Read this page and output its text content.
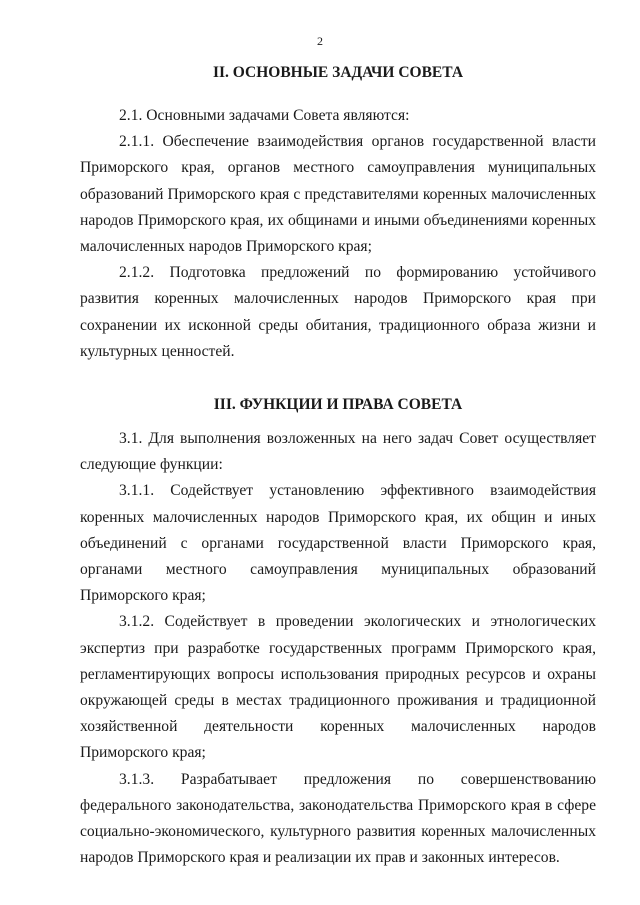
2
II. ОСНОВНЫЕ ЗАДАЧИ СОВЕТА

2.1. Основными задачами Совета являются:

2.1.1. Обеспечение взаимодействия органов государственной власти Приморского края, органов местного самоуправления муниципальных образований Приморского края с представителями коренных малочисленных народов Приморского края, их общинами и иными объединениями коренных малочисленных народов Приморского края;

2.1.2. Подготовка предложений по формированию устойчивого развития коренных малочисленных народов Приморского края при сохранении их исконной среды обитания, традиционного образа жизни и культурных ценностей.

III. ФУНКЦИИ И ПРАВА СОВЕТА

3.1. Для выполнения возложенных на него задач Совет осуществляет следующие функции:

3.1.1. Содействует установлению эффективного взаимодействия коренных малочисленных народов Приморского края, их общин и иных объединений с органами государственной власти Приморского края, органами местного самоуправления муниципальных образований Приморского края;

3.1.2. Содействует в проведении экологических и этнологических экспертиз при разработке государственных программ Приморского края, регламентирующих вопросы использования природных ресурсов и охраны окружающей среды в местах традиционного проживания и традиционной хозяйственной деятельности коренных малочисленных народов Приморского края;

3.1.3. Разрабатывает предложения по совершенствованию федерального законодательства, законодательства Приморского края в сфере социально-экономического, культурного развития коренных малочисленных народов Приморского края и реализации их прав и законных интересов.
